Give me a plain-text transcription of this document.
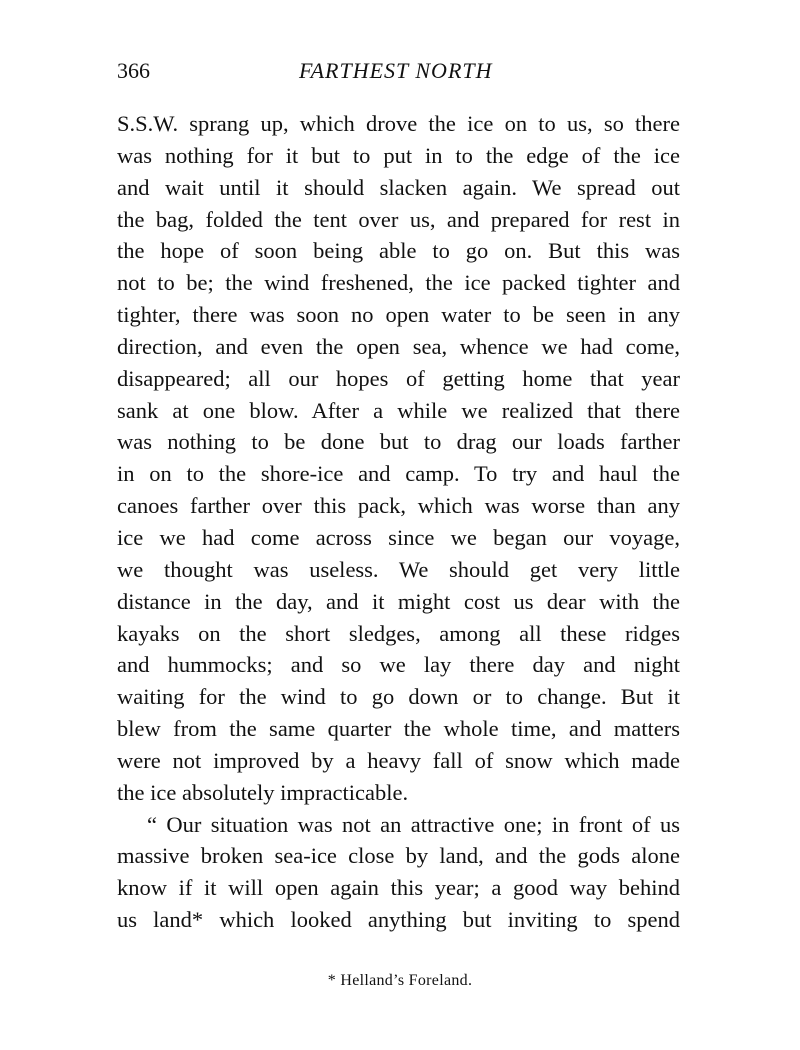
366	FARTHEST NORTH
S.S.W. sprang up, which drove the ice on to us, so there
was nothing for it but to put in to the edge of the ice
and wait until it should slacken again. We spread out
the bag, folded the tent over us, and prepared for rest in
the hope of soon being able to go on. But this was
not to be; the wind freshened, the ice packed tighter and
tighter, there was soon no open water to be seen in any
direction, and even the open sea, whence we had come,
disappeared; all our hopes of getting home that year
sank at one blow. After a while we realized that there
was nothing to be done but to drag our loads farther
in on to the shore-ice and camp. To try and haul the
canoes farther over this pack, which was worse than any
ice we had come across since we began our voyage,
we thought was useless. We should get very little
distance in the day, and it might cost us dear with the
kayaks on the short sledges, among all these ridges
and hummocks; and so we lay there day and night
waiting for the wind to go down or to change. But it
blew from the same quarter the whole time, and matters
were not improved by a heavy fall of snow which made
the ice absolutely impracticable.
“ Our situation was not an attractive one; in front of us
massive broken sea-ice close by land, and the gods alone
know if it will open again this year; a good way behind
us land* which looked anything but inviting to spend
* Helland’s Foreland.
